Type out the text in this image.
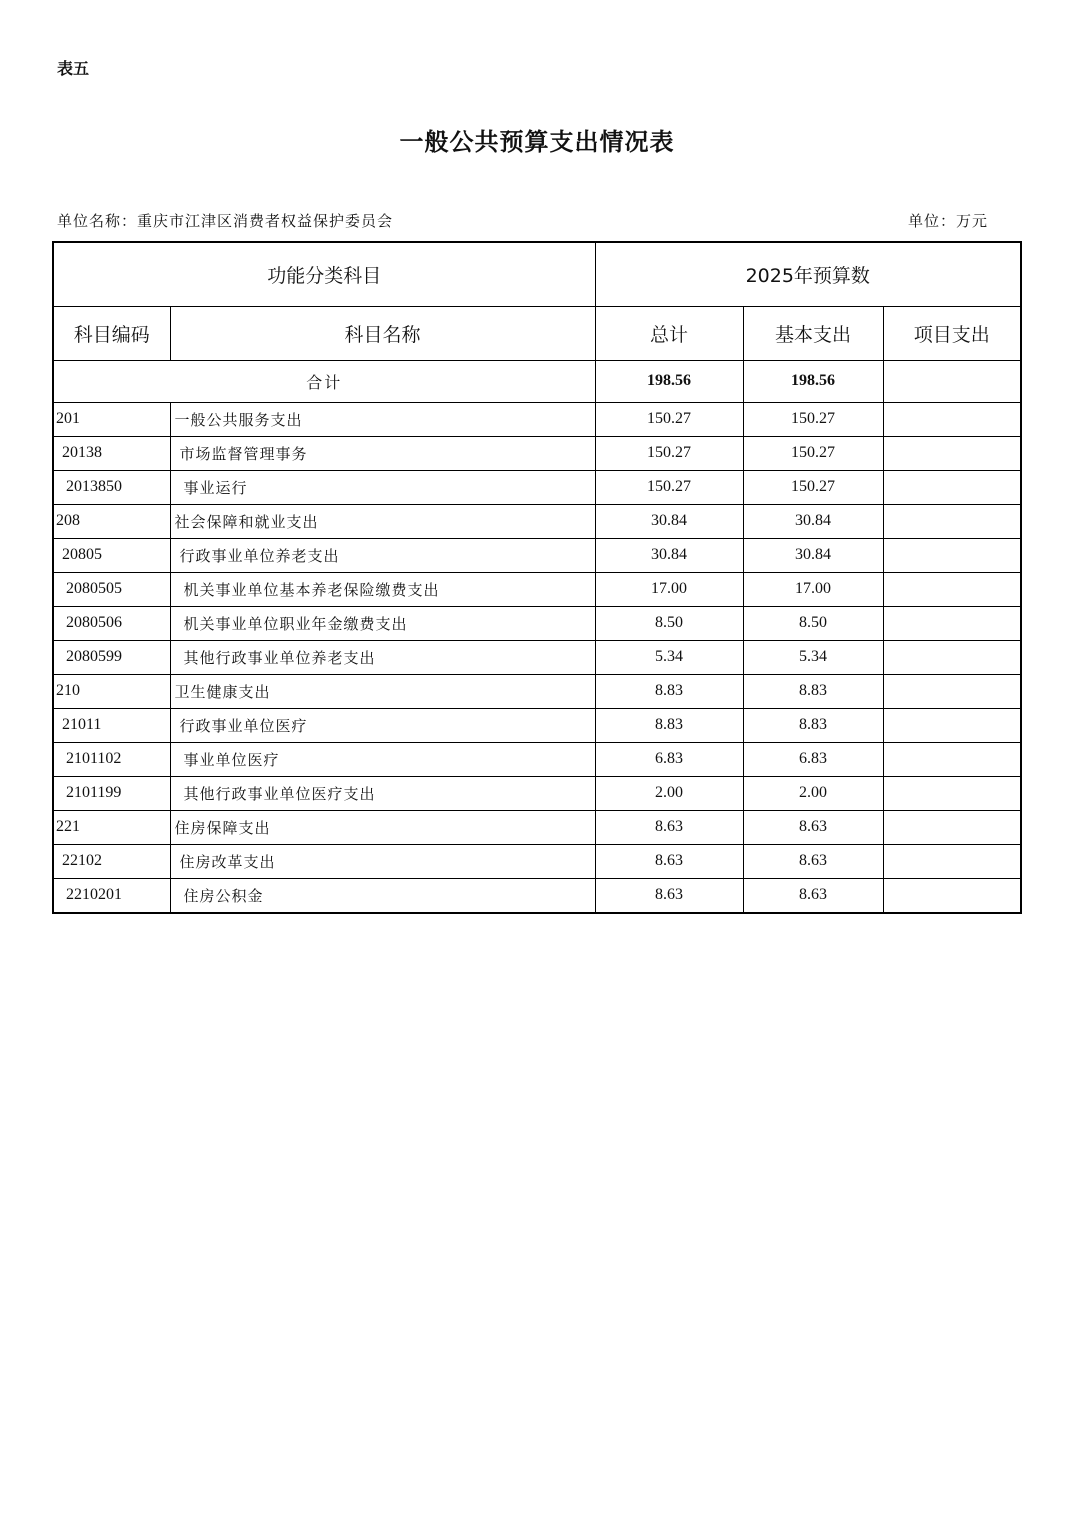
表五
一般公共预算支出情况表
单位名称：重庆市江津区消费者权益保护委员会	单位：万元
功能分类科目		2025年预算数		
科目编码	科目名称	总计	基本支出	项目支出
合计		198.56	198.56	
201	一般公共服务支出	150.27	150.27	
20138	市场监督管理事务	150.27	150.27	
2013850	事业运行	150.27	150.27	
208	社会保障和就业支出	30.84	30.84	
20805	行政事业单位养老支出	30.84	30.84	
2080505	机关事业单位基本养老保险缴费支出	17.00	17.00	
2080506	机关事业单位职业年金缴费支出	8.50	8.50	
2080599	其他行政事业单位养老支出	5.34	5.34	
210	卫生健康支出	8.83	8.83	
21011	行政事业单位医疗	8.83	8.83	
2101102	事业单位医疗	6.83	6.83	
2101199	其他行政事业单位医疗支出	2.00	2.00	
221	住房保障支出	8.63	8.63	
22102	住房改革支出	8.63	8.63	
2210201	住房公积金	8.63	8.63	
